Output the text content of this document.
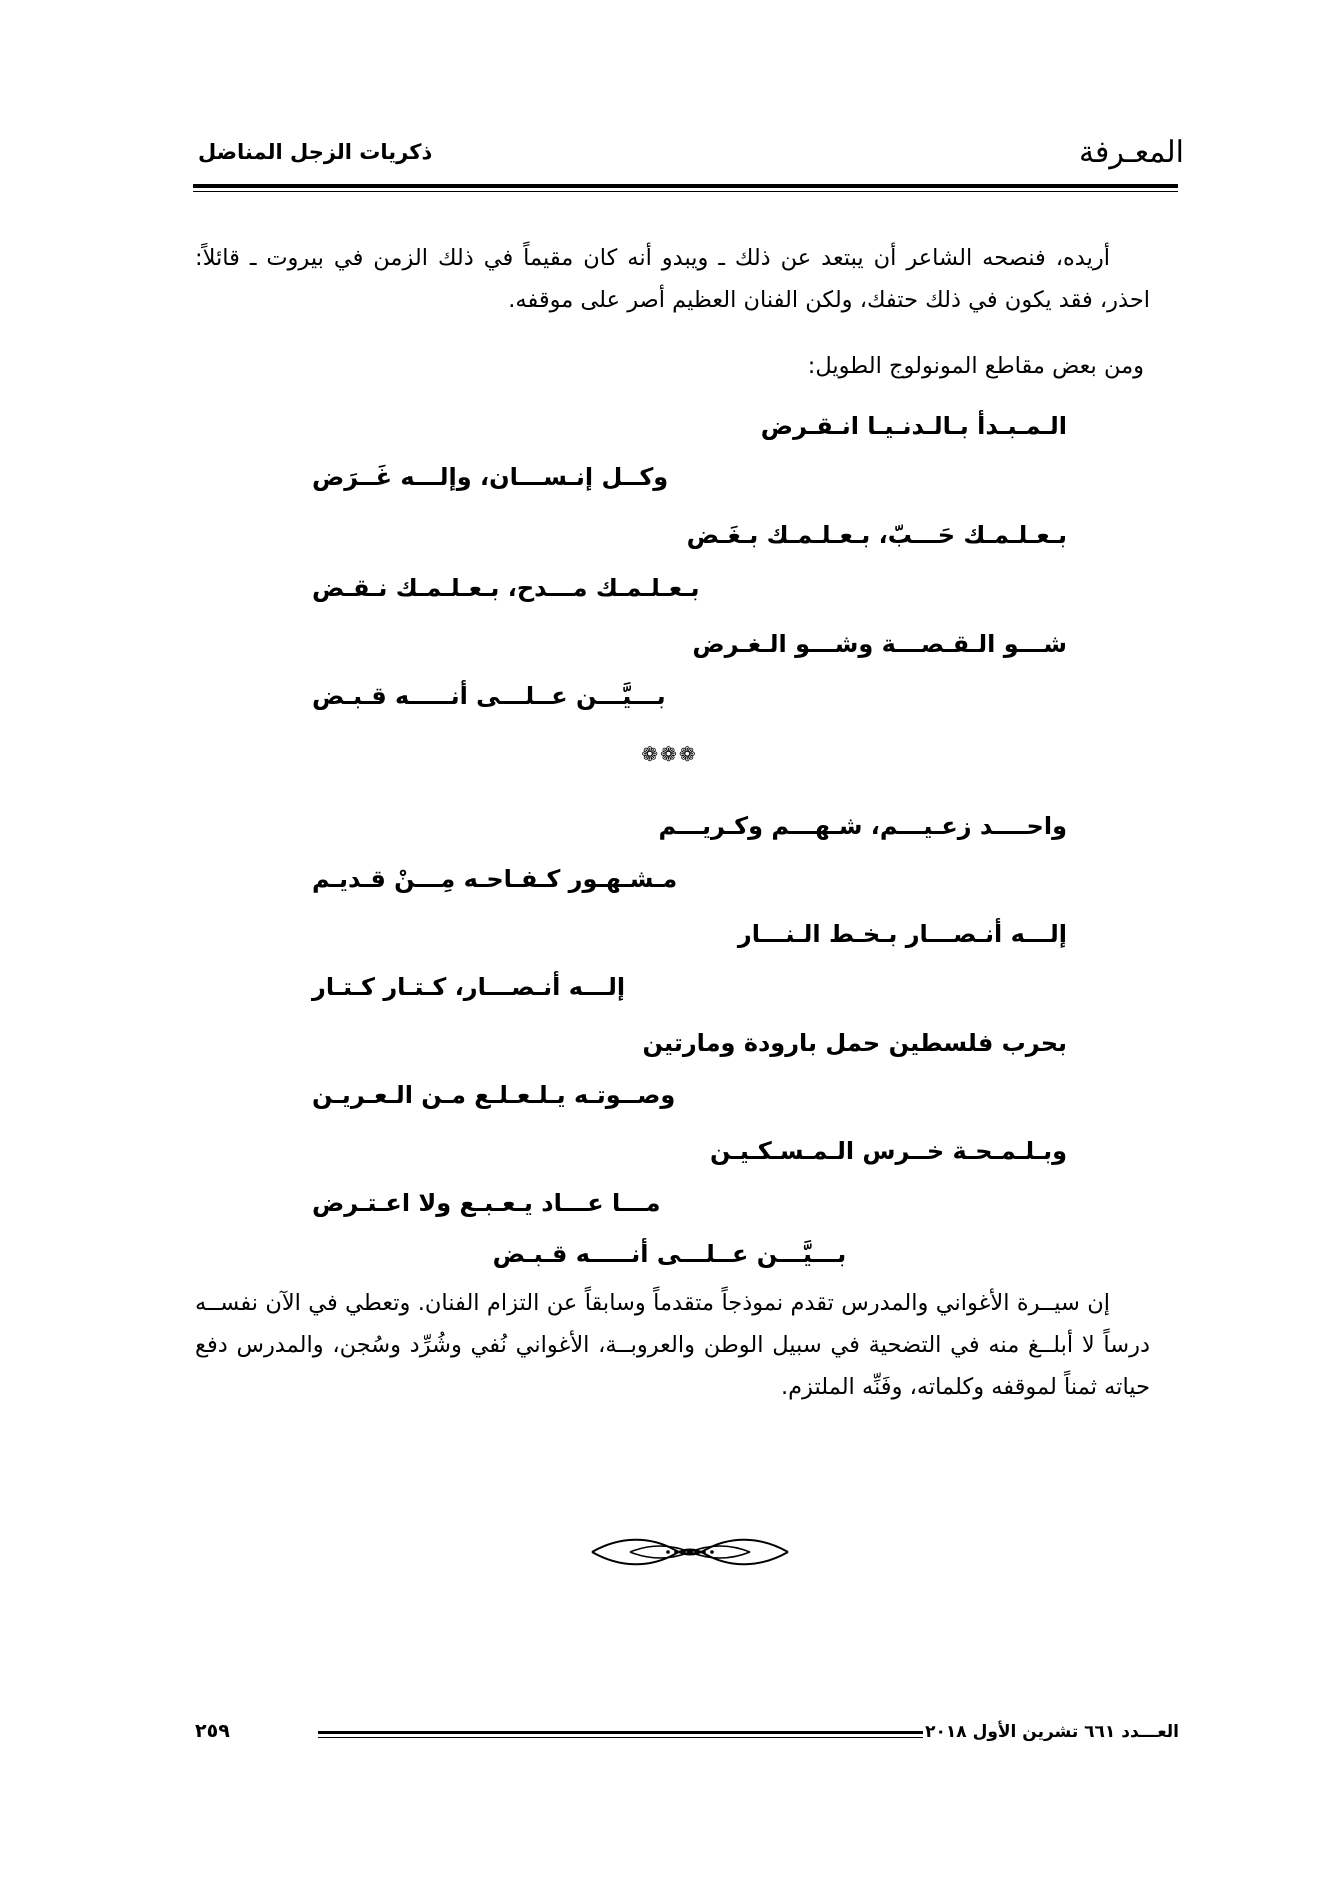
المعـرفة
ذكريات الزجل المناضل

أريده، فنصحه الشاعر أن يبتعد عن ذلك ـ ويبدو أنه كان مقيماً في ذلك الزمن في بيروت ـ قائلاً: احذر، فقد يكون في ذلك حتفك، ولكن الفنان العظيم أصر على موقفه.

ومن بعض مقاطع المونولوج الطويل:

الـمـبـدأ بـالـدنـيـا انـقـرض
وكــل إنـســـان، وإلـــه غَــرَض
بـعـلـمـك حَـــبّ، بـعـلـمـك بـغَـض
بـعـلـمـك مـــدح، بـعـلـمـك نـقـض
شـــو الـقـصـــة وشـــو الـغـرض
بـــيَّـــن عــلـــى أنـــــه قـبـض
❁❁❁
واحــــد زعـيـــم، شـهـــم وكـريـــم
مـشـهـور كـفـاحـه مِـــنْ قـديـم
إلـــه أنـصـــار بـخـط الـنـــار
إلـــه أنـصـــار، كـتـار كـتـار
بحرب فلسطين حمل بارودة ومارتين
وصــوتـه يـلـعـلـع مـن الـعـريـن
وبـلـمـحـة خــرس الـمـسـكـيـن
مـــا عـــاد يـعـبـع ولا اعـتـرض
بـــيَّـــن عــلـــى أنـــــه قـبـض

إن سيــرة الأغواني والمدرس تقدم نموذجاً متقدماً وسابقاً عن التزام الفنان. وتعطي في الآن نفســه درساً لا أبلــغ منه في التضحية في سبيل الوطن والعروبــة، الأغواني نُفي وشُرِّد وسُجن، والمدرس دفع حياته ثمناً لموقفه وكلماته، وفَنِّه الملتزم.

العـــدد ٦٦١ تشرين الأول ٢٠١٨
٢٥٩
